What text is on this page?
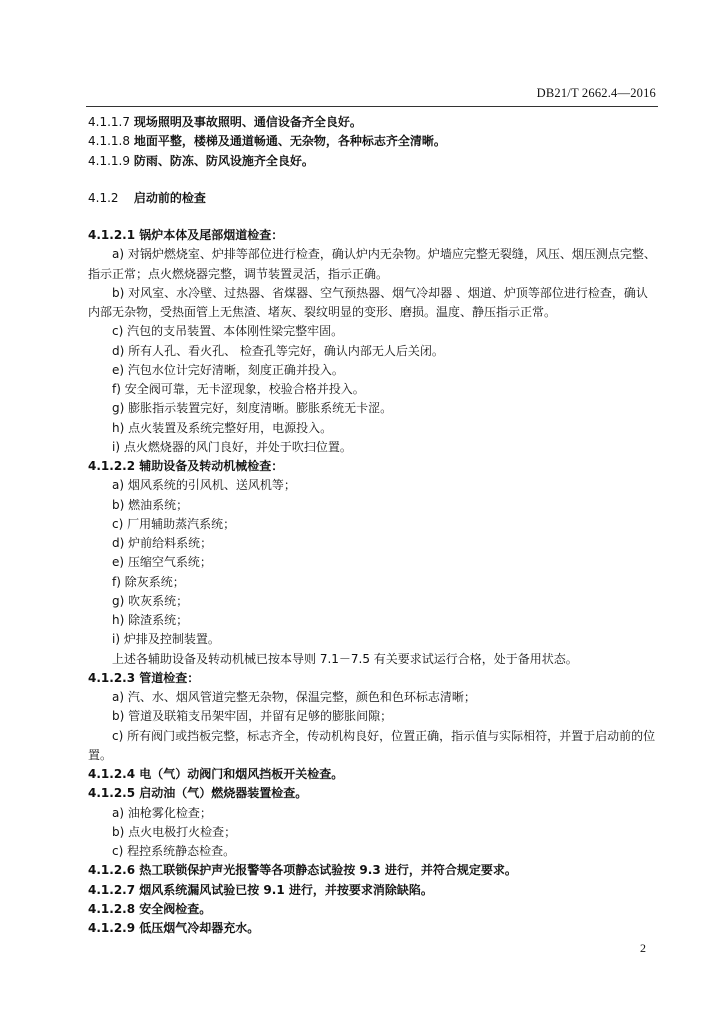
DB21/T 2662.4—2016

4.1.1.7 现场照明及事故照明、通信设备齐全良好。

4.1.1.8 地面平整，楼梯及通道畅通、无杂物，各种标志齐全清晰。

4.1.1.9 防雨、防冻、防风设施齐全良好。

4.1.2 启动前的检查

4.1.2.1 锅炉本体及尾部烟道检查：

a) 对锅炉燃烧室、炉排等部位进行检查，确认炉内无杂物。炉墙应完整无裂缝，风压、烟压测点完整、指示正常；点火燃烧器完整，调节装置灵活，指示正确。

b) 对风室、水冷壁、过热器、省煤器、空气预热器、烟气冷却器 、烟道、炉顶等部位进行检查，确认内部无杂物，受热面管上无焦渣、堵灰、裂纹明显的变形、磨损。温度、静压指示正常。

c) 汽包的支吊装置、本体刚性梁完整牢固。

d) 所有人孔、看火孔、 检查孔等完好，确认内部无人后关闭。

e) 汽包水位计完好清晰，刻度正确并投入。

f) 安全阀可靠，无卡涩现象，校验合格并投入。

g) 膨胀指示装置完好，刻度清晰。膨胀系统无卡涩。

h) 点火装置及系统完整好用，电源投入。

i) 点火燃烧器的风门良好，并处于吹扫位置。

4.1.2.2 辅助设备及转动机械检查：

a) 烟风系统的引风机、送风机等；

b) 燃油系统；

c) 厂用辅助蒸汽系统；

d) 炉前给料系统；

e) 压缩空气系统；

f) 除灰系统；

g) 吹灰系统；

h) 除渣系统；

i) 炉排及控制装置。

上述各辅助设备及转动机械已按本导则 7.1－7.5 有关要求试运行合格，处于备用状态。

4.1.2.3 管道检查：

a) 汽、水、烟风管道完整无杂物，保温完整，颜色和色环标志清晰；

b) 管道及联箱支吊架牢固，并留有足够的膨胀间隙；

c) 所有阀门或挡板完整，标志齐全，传动机构良好，位置正确，指示值与实际相符，并置于启动前的位置。

4.1.2.4 电（气）动阀门和烟风挡板开关检查。

4.1.2.5 启动油（气）燃烧器装置检查。

a) 油枪雾化检查；

b) 点火电极打火检查；

c) 程控系统静态检查。

4.1.2.6 热工联锁保护声光报警等各项静态试验按 9.3 进行，并符合规定要求。

4.1.2.7 烟风系统漏风试验已按 9.1 进行，并按要求消除缺陷。

4.1.2.8 安全阀检查。

4.1.2.9 低压烟气冷却器充水。

2
